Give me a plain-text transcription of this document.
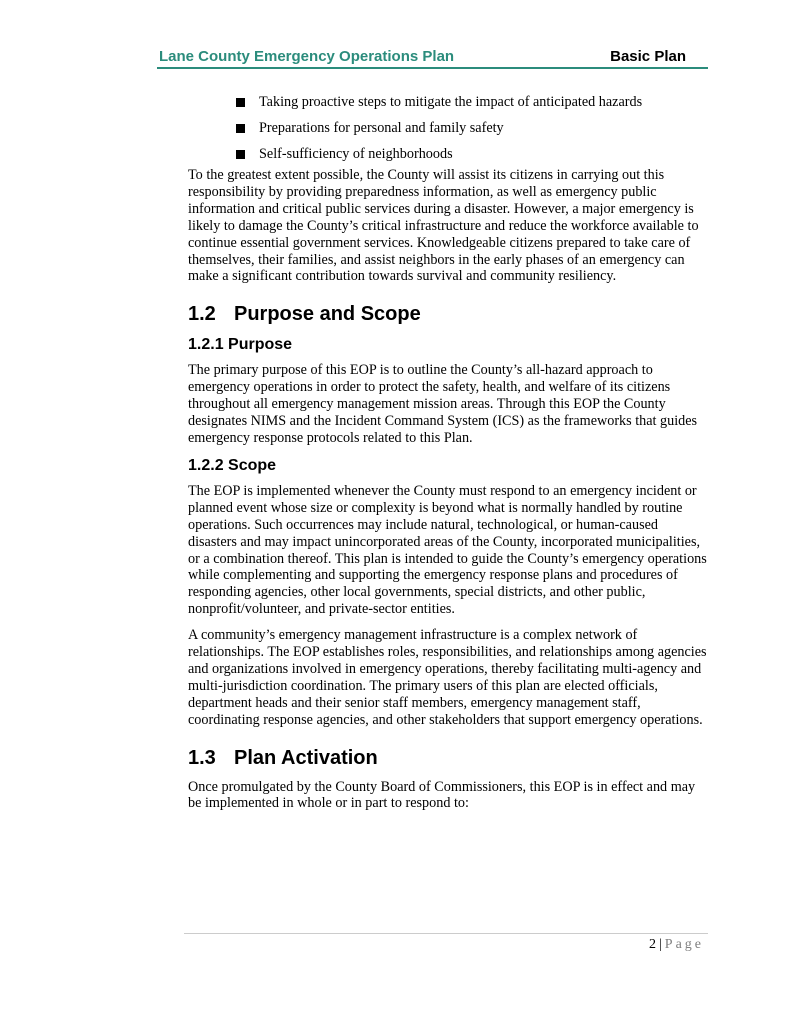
Lane County Emergency Operations Plan	Basic Plan
Taking proactive steps to mitigate the impact of anticipated hazards
Preparations for personal and family safety
Self-sufficiency of neighborhoods

To the greatest extent possible, the County will assist its citizens in carrying out this responsibility by providing preparedness information, as well as emergency public information and critical public services during a disaster. However, a major emergency is likely to damage the County’s critical infrastructure and reduce the workforce available to continue essential government services. Knowledgeable citizens prepared to take care of themselves, their families, and assist neighbors in the early phases of an emergency can make a significant contribution towards survival and community resiliency.

1.2 Purpose and Scope
1.2.1 Purpose

The primary purpose of this EOP is to outline the County’s all-hazard approach to emergency operations in order to protect the safety, health, and welfare of its citizens throughout all emergency management mission areas. Through this EOP the County designates NIMS and the Incident Command System (ICS) as the frameworks that guides emergency response protocols related to this Plan.

1.2.2 Scope

The EOP is implemented whenever the County must respond to an emergency incident or planned event whose size or complexity is beyond what is normally handled by routine operations. Such occurrences may include natural, technological, or human-caused disasters and may impact unincorporated areas of the County, incorporated municipalities, or a combination thereof. This plan is intended to guide the County’s emergency operations while complementing and supporting the emergency response plans and procedures of responding agencies, other local governments, special districts, and other public, nonprofit/volunteer, and private-sector entities.

A community’s emergency management infrastructure is a complex network of relationships. The EOP establishes roles, responsibilities, and relationships among agencies and organizations involved in emergency operations, thereby facilitating multi-agency and multi-jurisdiction coordination. The primary users of this plan are elected officials, department heads and their senior staff members, emergency management staff, coordinating response agencies, and other stakeholders that support emergency operations.

1.3 Plan Activation

Once promulgated by the County Board of Commissioners, this EOP is in effect and may be implemented in whole or in part to respond to:

2 | Page
